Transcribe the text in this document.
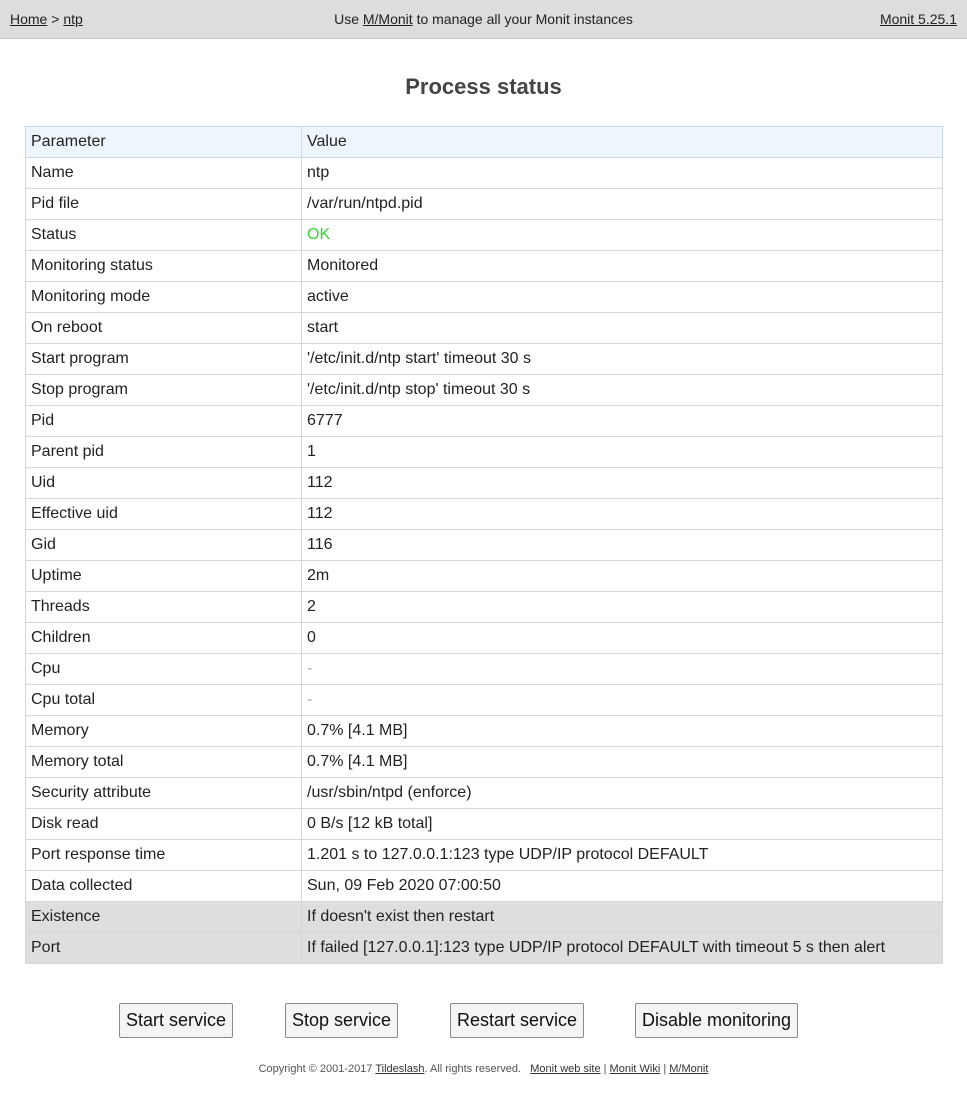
Home > ntp	Use M/Monit to manage all your Monit instances	Monit 5.25.1
Process status
Parameter	Value
Name	ntp
Pid file	/var/run/ntpd.pid
Status	OK
Monitoring status	Monitored
Monitoring mode	active
On reboot	start
Start program	'/etc/init.d/ntp start' timeout 30 s
Stop program	'/etc/init.d/ntp stop' timeout 30 s
Pid	6777
Parent pid	1
Uid	112
Effective uid	112
Gid	116
Uptime	2m
Threads	2
Children	0
Cpu	-
Cpu total	-
Memory	0.7% [4.1 MB]
Memory total	0.7% [4.1 MB]
Security attribute	/usr/sbin/ntpd (enforce)
Disk read	0 B/s [12 kB total]
Port response time	1.201 s to 127.0.0.1:123 type UDP/IP protocol DEFAULT
Data collected	Sun, 09 Feb 2020 07:00:50
Existence	If doesn't exist then restart
Port	If failed [127.0.0.1]:123 type UDP/IP protocol DEFAULT with timeout 5 s then alert
Start service	Stop service	Restart service	Disable monitoring
Copyright © 2001-2017 Tildeslash. All rights reserved. Monit web site | Monit Wiki | M/Monit
